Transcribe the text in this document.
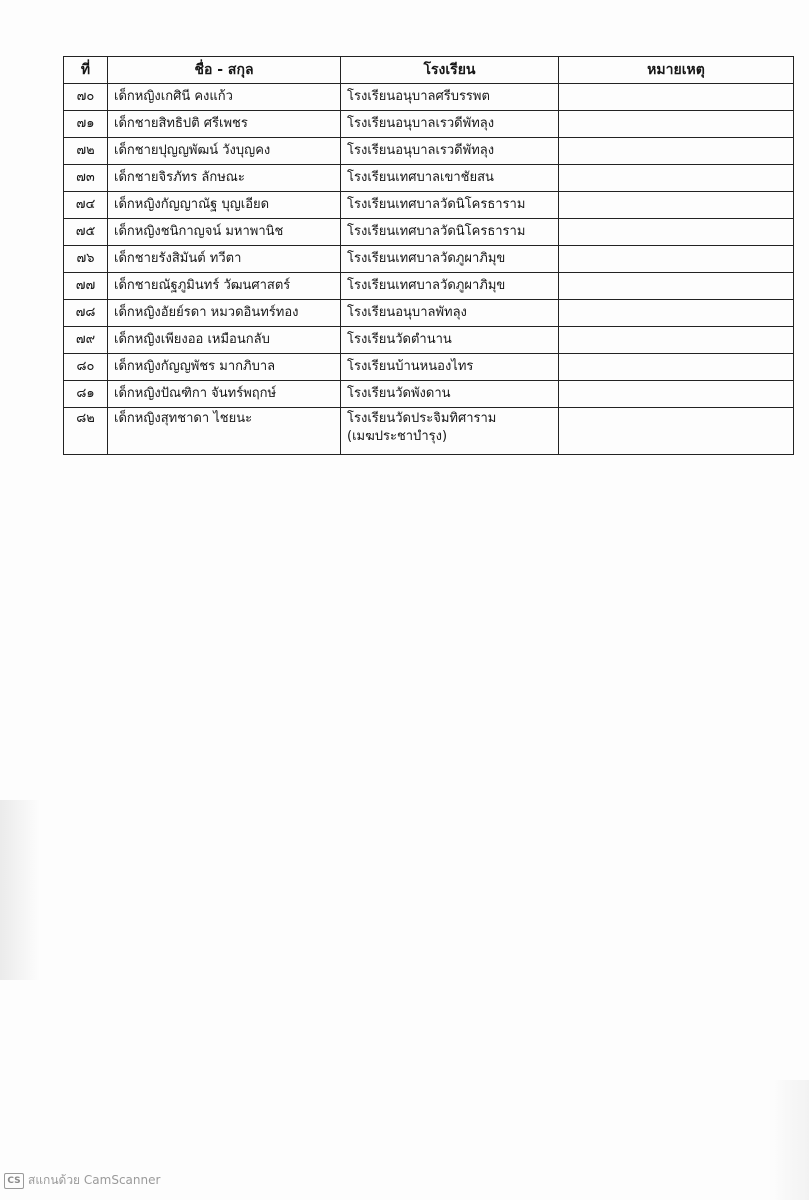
ที่	ชื่อ - สกุล	โรงเรียน	หมายเหตุ
๗๐	เด็กหญิงเกศินี คงแก้ว	โรงเรียนอนุบาลศรีบรรพต	
๗๑	เด็กชายสิทธิปติ ศรีเพชร	โรงเรียนอนุบาลเรวดีพัทลุง	
๗๒	เด็กชายปุญญพัฒน์ วังบุญคง	โรงเรียนอนุบาลเรวดีพัทลุง	
๗๓	เด็กชายจิรภัทร ลักษณะ	โรงเรียนเทศบาลเขาชัยสน	
๗๔	เด็กหญิงกัญญาณัฐ บุญเอียด	โรงเรียนเทศบาลวัดนิโครธาราม	
๗๕	เด็กหญิงชนิกาญจน์ มหาพานิช	โรงเรียนเทศบาลวัดนิโครธาราม	
๗๖	เด็กชายรังสิมันต์ ทวีตา	โรงเรียนเทศบาลวัดภูผาภิมุข	
๗๗	เด็กชายณัฐภูมินทร์ วัฒนศาสตร์	โรงเรียนเทศบาลวัดภูผาภิมุข	
๗๘	เด็กหญิงอัยย์รดา หมวดอินทร์ทอง	โรงเรียนอนุบาลพัทลุง	
๗๙	เด็กหญิงเพียงออ เหมือนกลับ	โรงเรียนวัดตำนาน	
๘๐	เด็กหญิงกัญญพัชร มากภิบาล	โรงเรียนบ้านหนองไทร	
๘๑	เด็กหญิงปัณฑิกา จันทร์พฤกษ์	โรงเรียนวัดพังดาน	
๘๒	เด็กหญิงสุทชาดา ไชยนะ	โรงเรียนวัดประจิมทิศาราม
(เมฆประชาบำรุง)	

CS สแกนด้วย CamScanner
